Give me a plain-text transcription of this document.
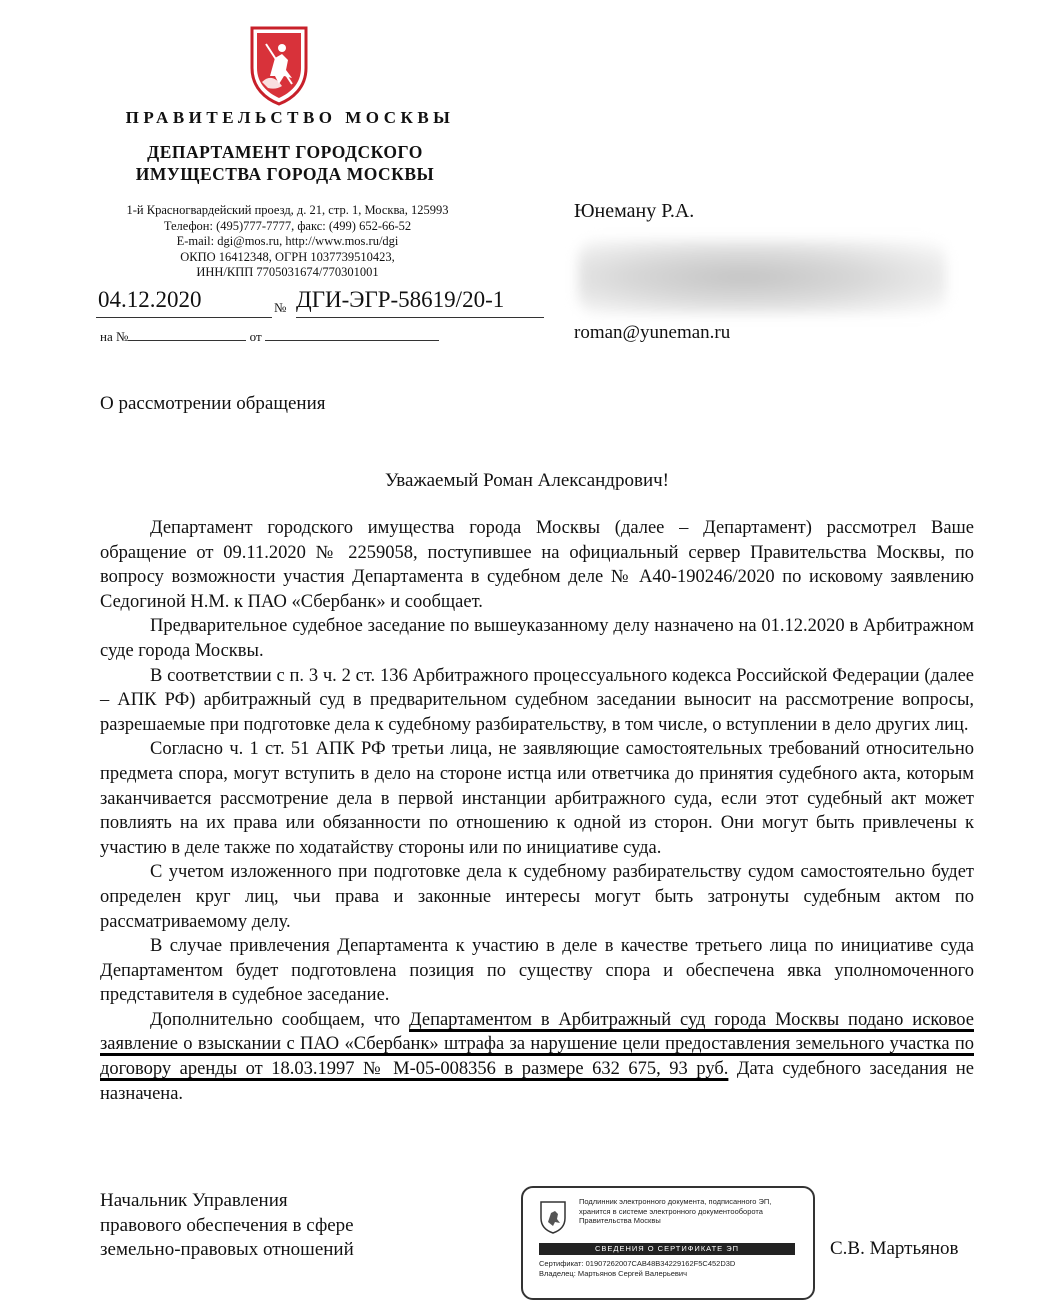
ПРАВИТЕЛЬСТВО МОСКВЫ
ДЕПАРТАМЕНТ ГОРОДСКОГО
ИМУЩЕСТВА ГОРОДА МОСКВЫ
1-й Красногвардейский проезд, д. 21, стр. 1, Москва, 125993
Телефон: (495)777-7777, факс: (499) 652-66-52
E-mail: dgi@mos.ru, http://www.mos.ru/dgi
ОКПО 16412348, ОГРН 1037739510423,
ИНН/КПП 7705031674/770301001
04.12.2020	№ ДГИ-ЭГР-58619/20-1
на №	от
Юнеману Р.А.
roman@yuneman.ru
О рассмотрении обращения
Уважаемый Роман Александрович!

Департамент городского имущества города Москвы (далее – Департамент) рассмотрел Ваше обращение от 09.11.2020 № 2259058, поступившее на официальный сервер Правительства Москвы, по вопросу возможности участия Департамента в судебном деле № А40-190246/2020 по исковому заявлению Седогиной Н.М. к ПАО «Сбербанк» и сообщает.

Предварительное судебное заседание по вышеуказанному делу назначено на 01.12.2020 в Арбитражном суде города Москвы.

В соответствии с п. 3 ч. 2 ст. 136 Арбитражного процессуального кодекса Российской Федерации (далее – АПК РФ) арбитражный суд в предварительном судебном заседании выносит на рассмотрение вопросы, разрешаемые при подготовке дела к судебному разбирательству, в том числе, о вступлении в дело других лиц.

Согласно ч. 1 ст. 51 АПК РФ третьи лица, не заявляющие самостоятельных требований относительно предмета спора, могут вступить в дело на стороне истца или ответчика до принятия судебного акта, которым заканчивается рассмотрение дела в первой инстанции арбитражного суда, если этот судебный акт может повлиять на их права или обязанности по отношению к одной из сторон. Они могут быть привлечены к участию в деле также по ходатайству стороны или по инициативе суда.

С учетом изложенного при подготовке дела к судебному разбирательству судом самостоятельно будет определен круг лиц, чьи права и законные интересы могут быть затронуты судебным актом по рассматриваемому делу.

В случае привлечения Департамента к участию в деле в качестве третьего лица по инициативе суда Департаментом будет подготовлена позиция по существу спора и обеспечена явка уполномоченного представителя в судебное заседание.

Дополнительно сообщаем, что Департаментом в Арбитражный суд города Москвы подано исковое заявление о взыскании с ПАО «Сбербанк» штрафа за нарушение цели предоставления земельного участка по договору аренды от 18.03.1997 № М-05-008356 в размере 632 675, 93 руб. Дата судебного заседания не назначена.

Начальник Управления
правового обеспечения в сфере
земельно-правовых отношений
Подлинник электронного документа, подписанного ЭП,
хранится в системе электронного документооборота
Правительства Москвы
СВЕДЕНИЯ О СЕРТИФИКАТЕ ЭП
Сертификат: 01907262007CAB48B34229162F5C452D3D
Владелец: Мартьянов Сергей Валерьевич
С.В. Мартьянов
